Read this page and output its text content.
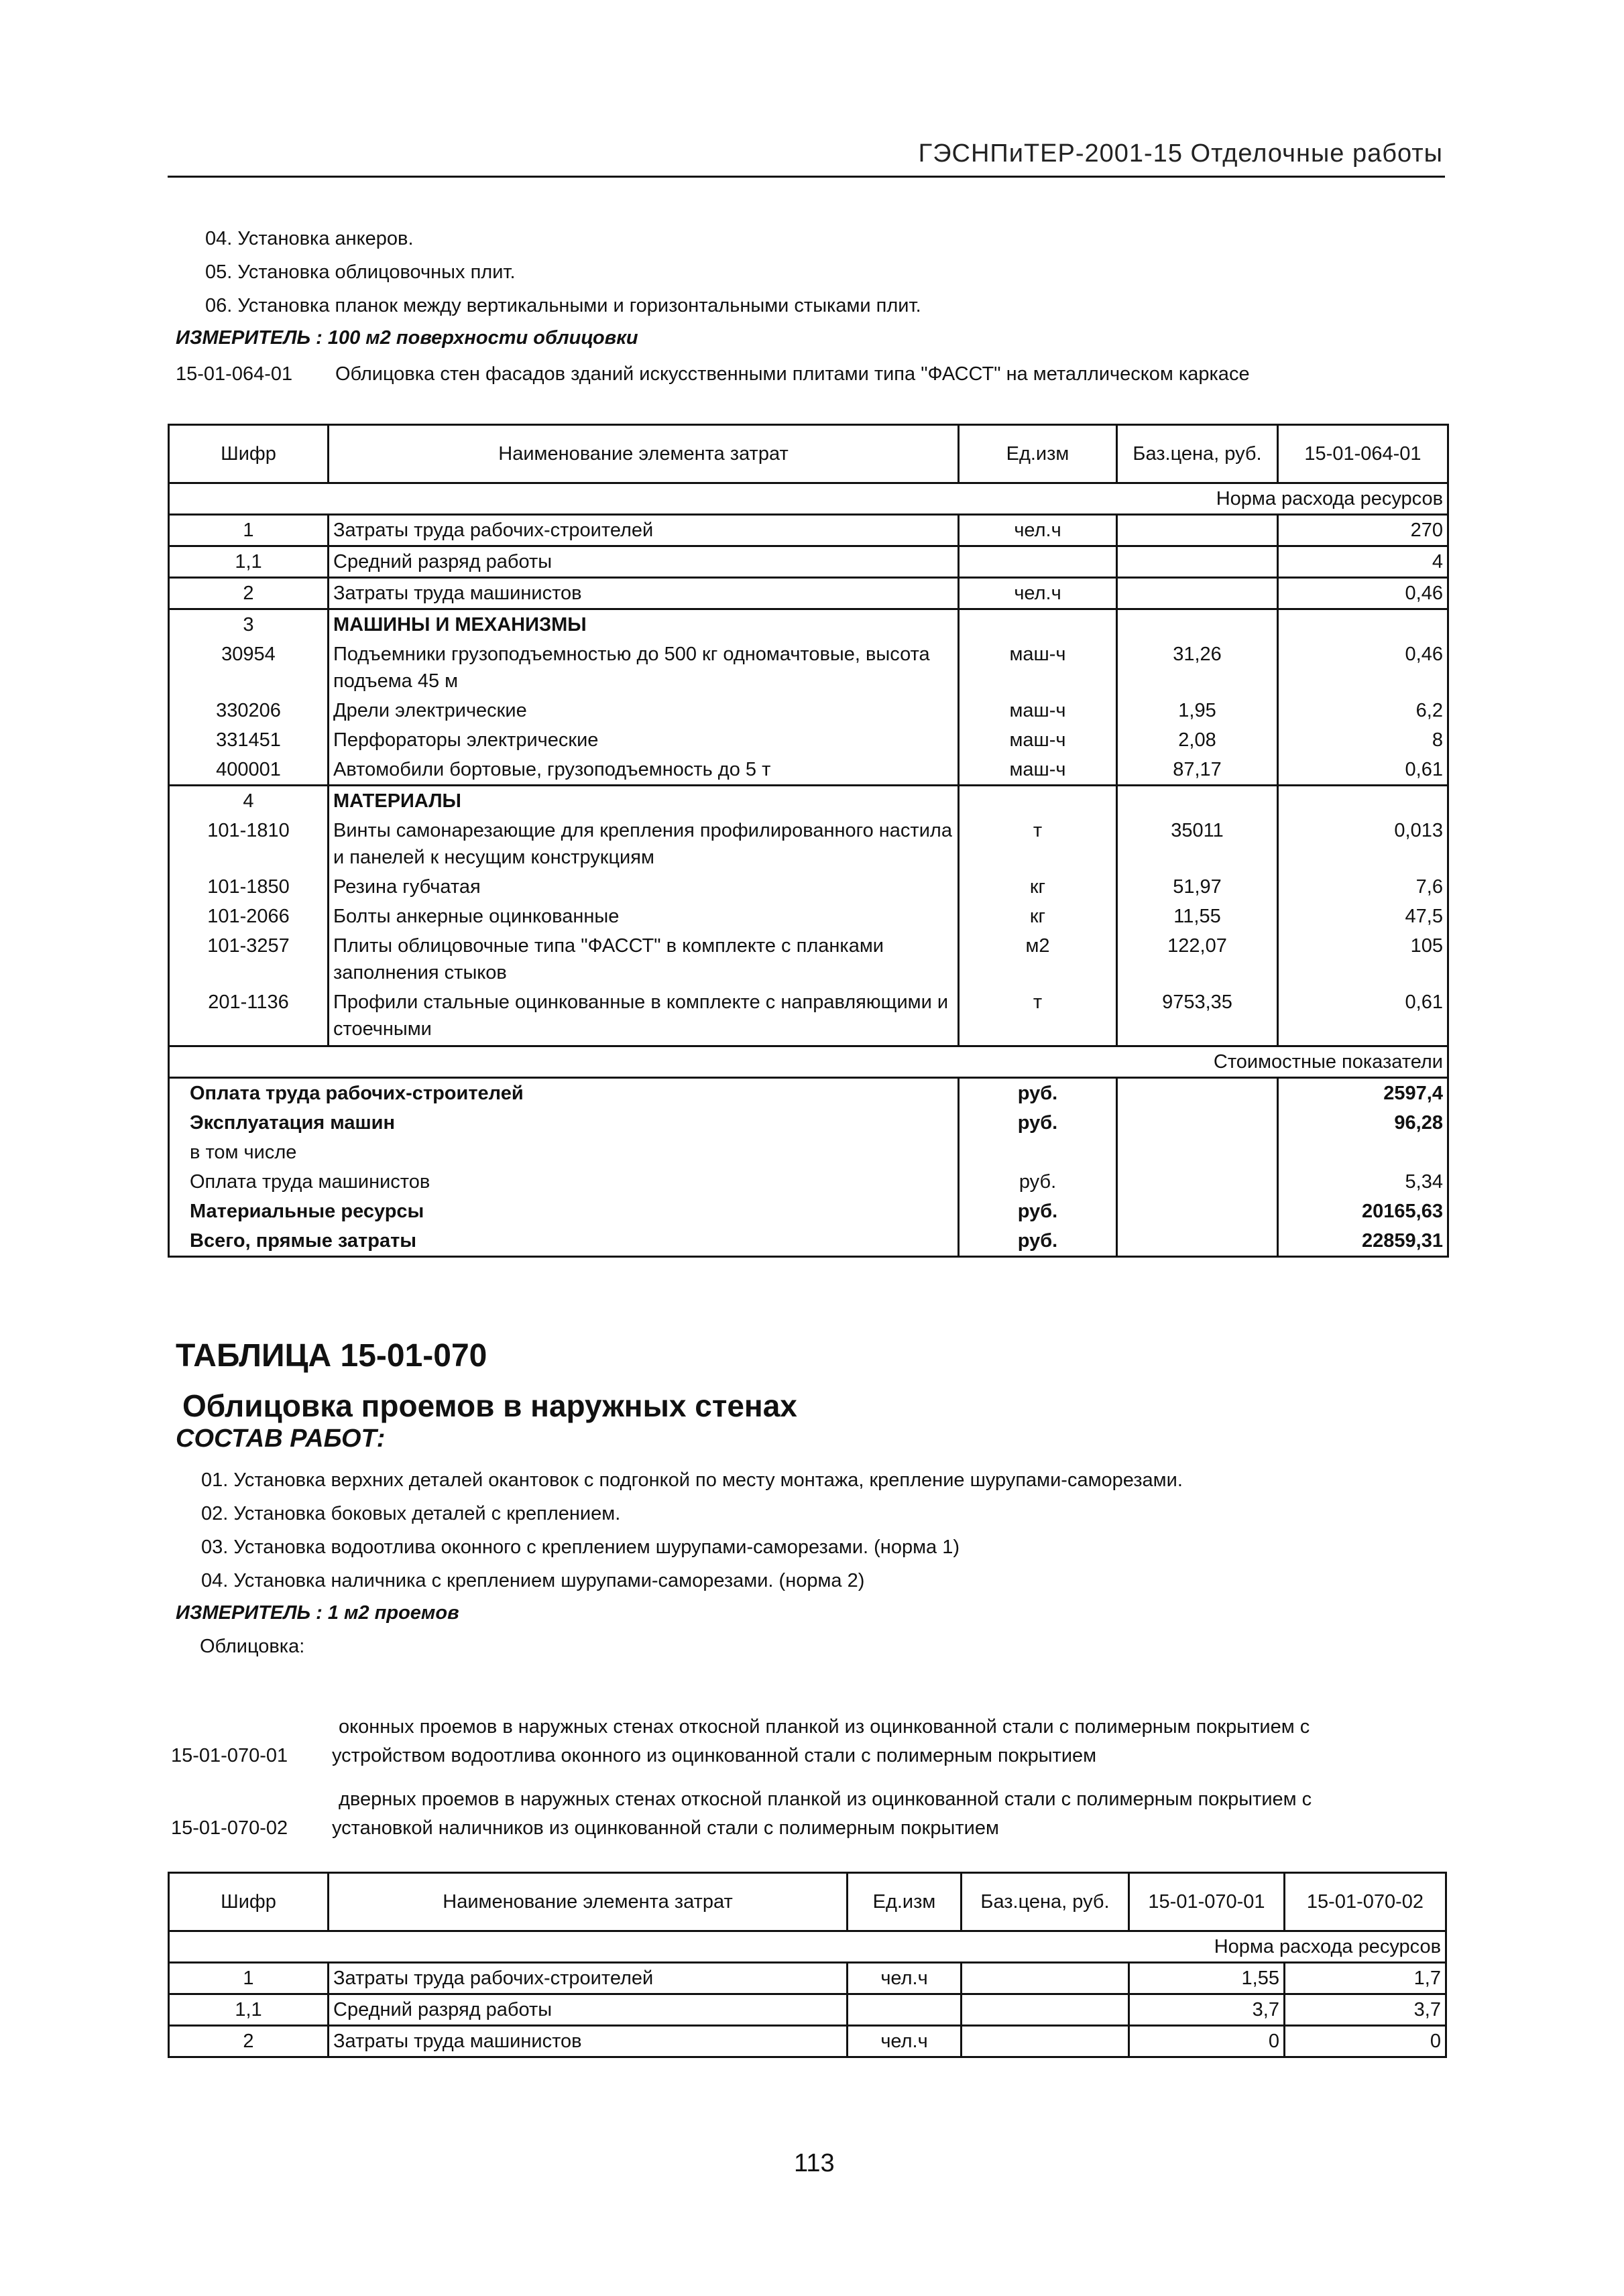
ГЭСНПиТЕР-2001-15 Отделочные работы
04. Установка анкеров.
05. Установка облицовочных плит.
06. Установка планок между вертикальными и горизонтальными стыками плит.
ИЗМЕРИТЕЛЬ : 100 м2 поверхности облицовки
15-01-064-01 Облицовка стен фасадов зданий искусственными плитами типа "ФАССТ" на металлическом каркасе
Шифр	Наименование элемента затрат	Ед.изм	Баз.цена, руб.	15-01-064-01
Норма расхода ресурсов				
1	Затраты труда рабочих-строителей	чел.ч		270
1,1	Средний разряд работы			4
2	Затраты труда машинистов	чел.ч		0,46
3	МАШИНЫ И МЕХАНИЗМЫ			
30954	Подъемники грузоподъемностью до 500 кг одномачтовые, высота подъема 45 м	маш-ч	31,26	0,46
330206	Дрели электрические	маш-ч	1,95	6,2
331451	Перфораторы электрические	маш-ч	2,08	8
400001	Автомобили бортовые, грузоподъемность до 5 т	маш-ч	87,17	0,61
4	МАТЕРИАЛЫ			
101-1810	Винты самонарезающие для крепления профилированного настила и панелей к несущим конструкциям	т	35011	0,013
101-1850	Резина губчатая	кг	51,97	7,6
101-2066	Болты анкерные оцинкованные	кг	11,55	47,5
101-3257	Плиты облицовочные типа "ФАССТ" в комплекте с планками заполнения стыков	м2	122,07	105
201-1136	Профили стальные оцинкованные в комплекте с направляющими и стоечными	т	9753,35	0,61
Стоимостные показатели				
Оплата труда рабочих-строителей		руб.		2597,4
Эксплуатация машин		руб.		96,28
в том числе				
Оплата труда машинистов		руб.		5,34
Материальные ресурсы		руб.		20165,63
Всего, прямые затраты		руб.		22859,31
ТАБЛИЦА 15-01-070
Облицовка проемов в наружных стенах
СОСТАВ РАБОТ:
01. Установка верхних деталей окантовок с подгонкой по месту монтажа, крепление шурупами-саморезами.
02. Установка боковых деталей с креплением.
03. Установка водоотлива оконного с креплением шурупами-саморезами. (норма 1)
04. Установка наличника с креплением шурупами-саморезами. (норма 2)
ИЗМЕРИТЕЛЬ : 1 м2 проемов
Облицовка:
оконных проемов в наружных стенах откосной планкой из оцинкованной стали с полимерным покрытием с
15-01-070-01 устройством водоотлива оконного из оцинкованной стали с полимерным покрытием
дверных проемов в наружных стенах откосной планкой из оцинкованной стали с полимерным покрытием с
15-01-070-02 установкой наличников из оцинкованной стали с полимерным покрытием
Шифр	Наименование элемента затрат	Ед.изм	Баз.цена, руб.	15-01-070-01	15-01-070-02
Норма расхода ресурсов					
1	Затраты труда рабочих-строителей	чел.ч		1,55	1,7
1,1	Средний разряд работы			3,7	3,7
2	Затраты труда машинистов	чел.ч		0	0
113
